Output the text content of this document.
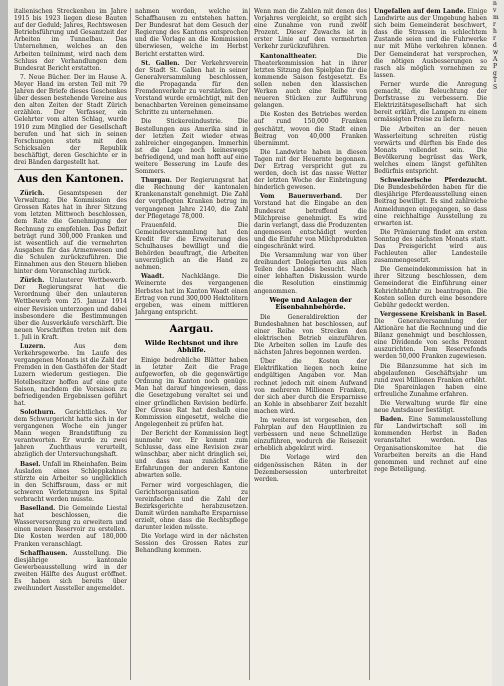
italienischen Streckenbau im Jahre 1915 bis 1923 liegen diese Bauten auf der Geduld; Jahres, Rechtswesen Betriebsführung und Gesamtzeit der Arbeiten im Tunnelbau. Das Unternehmen, welches an den Arbeiten teilnimmt, wird nach dem Schluss der Verhandlungen dem Bundesrat Bericht erstatten.

7. Neue Bücher. Der im Hause A. Meyer Hand im ersten Teil mit 79 Jahren der Briefe dieses Geschenkes über dessen bestehende Vereine aus den alten Zeiten der Stadt Zürich erzählen. Der Verfasser, ein Gelehrter vom alten Schlag, wurde 1910 zum Mitglied der Gesellschaft berufen und hat sich in seinen Forschungen stets mit den Schicksalen der Republik beschäftigt, deren Geschichte er in drei Bänden dargestellt hat.

Aus den Kantonen.

Zürich. Gesamtspesen der Verwaltung. Die Kommission des Grossen Rates hat in ihrer Sitzung vom letzten Mittwoch beschlossen, dem Rate die Genehmigung der Rechnung zu empfehlen. Das Defizit beträgt rund 300,000 Franken und ist wesentlich auf die vermehrten Ausgaben für das Armenwesen und die Schulen zurückzuführen. Die Einnahmen aus den Steuern blieben hinter dem Voranschlag zurück.

Zürich. Unlauterer Wettbewerb. Der Regierungsrat hat die Verordnung über den unlauteren Wettbewerb vom 25. Januar 1914 einer Revision unterzogen und dabei insbesondere die Bestimmungen über die Ausverkäufe verschärft. Die neuen Vorschriften treten mit dem 1. Juli in Kraft.

Luzern.	Aus dem Verkehrsgewerbe. Im Laufe des vergangenen Monats ist die Zahl der Fremden in den Gasthöfen der Stadt Luzern wiederum gestiegen. Die Hotelbesitzer hoffen auf eine gute Saison, nachdem die Vorsaison zu befriedigenden Ergebnissen geführt hat.

Solothurn. Gerichtliches. Vor dem Schwurgericht hatte sich in der vergangenen Woche ein junger Mann wegen Brandstiftung zu verantworten. Er wurde zu zwei Jahren Zuchthaus verurteilt, abzüglich der Untersuchungshaft.

Basel. Unfall im Rheinhafen. Beim Ausladen eines Schleppkahnes stürzte ein Arbeiter so unglücklich in den Schiffsraum, dass er mit schweren Verletzungen ins Spital verbracht werden musste.

Baselland. Die Gemeinde Liestal hat beschlossen, die Wasserversorgung zu erweitern und einen neuen Reservoir zu erstellen. Die Kosten werden auf 180,000 Franken veranschlagt.

Schaffhausen. Ausstellung. Die diesjährige kantonale Gewerbeausstellung wird in der zweiten Hälfte des August eröffnet. Es haben sich bereits über zweihundert Aussteller angemeldet.

nahmen worden, welche in Schaffhausen zu entstehen hatten. Der Bundesrat hat dem Gesuch der Regierung des Kantons entsprochen und die Vorlage an die Kommission überwiesen, welche im Herbst Bericht erstatten wird.

St. Gallen. Der Verkehrsverein der Stadt St. Gallen hat in seiner Generalversammlung beschlossen, die Propaganda für den Fremdenverkehr zu verstärken. Der Vorstand wurde ermächtigt, mit den benachbarten Vereinen gemeinsame Schritte zu unternehmen.

Die Stickereiindustrie. Die Bestellungen aus Amerika sind in der letzten Zeit wieder etwas zahlreicher eingegangen. Immerhin ist die Lage noch keineswegs befriedigend, und man hofft auf eine weitere Besserung im Laufe des Sommers.

Thurgau. Der Regierungsrat hat die Rechnung der kantonalen Krankenanstalt genehmigt. Die Zahl der verpflegten Kranken betrug im vergangenen Jahre 2140, die Zahl der Pflegetage 78,000.

Frauenfeld. Die Gemeindeversammlung hat den Kredit für die Erweiterung des Schulhauses bewilligt und die Behörden beauftragt, die Arbeiten unverzüglich an die Hand zu nehmen.

Waadt.	Nachklänge. Die Weinernte des vergangenen Herbstes hat im Kanton Waadt einen Ertrag von rund 300,000 Hektolitern ergeben, was einem mittleren Jahrgang entspricht.

Aargau.
Wilde Rechtsnot und ihre Abhilfe.

Einige bedrohliche Blätter haben in letzter Zeit die Frage aufgeworfen, ob die gegenwärtige Ordnung im Kanton noch genüge. Man hat darauf hingewiesen, dass die Gesetzgebung veraltet sei und einer gründlichen Revision bedürfe. Der Grosse Rat hat deshalb eine Kommission eingesetzt, welche die Angelegenheit zu prüfen hat.

Der Bericht der Kommission liegt nunmehr vor. Er kommt zum Schlusse, dass eine Revision zwar wünschbar, aber nicht dringlich sei, und dass man zunächst die Erfahrungen der anderen Kantone abwarten solle.

Ferner wird vorgeschlagen, die Gerichtsorganisation zu vereinfachen und die Zahl der Bezirksgerichte herabzusetzen. Damit würden namhafte Ersparnisse erzielt, ohne dass die Rechtspflege darunter leiden müsste.

Die Vorlage wird in der nächsten Session des Grossen Rates zur Behandlung kommen.

Wenn man die Zahlen mit denen des Vorjahres vergleicht, so ergibt sich eine Zunahme von rund zwölf Prozent. Dieser Zuwachs ist in erster Linie auf den vermehrten Verkehr zurückzuführen.

Kantonaltheater.	Die Theaterkommission hat in ihrer letzten Sitzung den Spielplan für die kommende Saison festgesetzt. Es sollen neben den klassischen Werken auch eine Reihe von neueren Stücken zur Aufführung gelangen.

Die Kosten des Betriebes werden auf rund 150,000 Franken geschätzt, wovon die Stadt einen Beitrag von 40,000 Franken übernimmt.

Die Landwirte haben in diesen Tagen mit der Heuernte begonnen. Der Ertrag verspricht gut zu werden, doch ist das nasse Wetter der letzten Woche der Einbringung hinderlich gewesen.

Vom Bauernverband. Der Vorstand hat die Eingabe an den Bundesrat betreffend die Milchpreise genehmigt. Es wird darin verlangt, dass die Produzenten angemessen entschädigt werden und die Einfuhr von Milchprodukten eingeschränkt wird.

Die Versammlung war von über dreihundert Delegierten aus allen Teilen des Landes besucht. Nach einer lebhaften Diskussion wurde die Resolution einstimmig angenommen.

Wege und Anlagen der Eisenbahnbehörde.

Die Generaldirektion der Bundesbahnen hat beschlossen, auf einer Reihe von Strecken den elektrischen Betrieb einzuführen. Die Arbeiten sollen im Laufe des nächsten Jahres begonnen werden.

Über die Kosten der Elektrifikation liegen noch keine endgültigen Angaben vor. Man rechnet jedoch mit einem Aufwand von mehreren Millionen Franken, der sich aber durch die Ersparnisse an Kohle in absehbarer Zeit bezahlt machen wird.

Im weiteren ist vorgesehen, den Fahrplan auf den Hauptlinien zu verbessern und neue Schnellzüge einzuführen, wodurch die Reisezeit erheblich abgekürzt wird.

Die Vorlage wird den eidgenössischen Räten in der Dezembersession unterbreitet werden.

Ungefallen auf dem Lande. Einige Landwirte aus der Umgebung haben sich beim Gemeinderat beschwert, dass die Strassen in schlechtem Zustande seien und die Fuhrwerke nur mit Mühe verkehren können. Der Gemeinderat hat versprochen, die nötigen Ausbesserungen so rasch als möglich vornehmen zu lassen.

Ferner wurde die Anregung gemacht, die Beleuchtung der Dorfstrasse zu verbessern. Die Elektrizitätsgesellschaft hat sich bereit erklärt, die Lampen zu einem ermässigten Preise zu liefern.

Die Arbeiten an der neuen Wasserleitung schreiten rüstig vorwärts und dürften bis Ende des Monats vollendet sein. Die Bevölkerung begrüsst das Werk, welches einem längst gefühlten Bedürfnis entspricht.

Schweizerische Pferdezucht. Die Bundesbehörden haben für die diesjährige Pferdeausstellung einen Beitrag bewilligt. Es sind zahlreiche Anmeldungen eingegangen, so dass eine reichhaltige Ausstellung zu erwarten ist.

Die Prämierung findet am ersten Sonntag des nächsten Monats statt. Das Preisgericht wird aus Fachleuten aller Landesteile zusammengesetzt.

Die Gemeindekommission hat in ihrer Sitzung beschlossen, dem Gemeinderat die Einführung einer Kehrichtabfuhr zu beantragen. Die Kosten sollen durch eine besondere Gebühr gedeckt werden.

Vergessene Kreisbank in Basel. Die Generalversammlung der Aktionäre hat die Rechnung und die Bilanz genehmigt und beschlossen, eine Dividende von sechs Prozent auszurichten. Dem Reservefonds werden 50,000 Franken zugewiesen.

Die Bilanzsumme hat sich im abgelaufenen Geschäftsjahr um rund zwei Millionen Franken erhöht. Die Spareinlagen haben eine erfreuliche Zunahme erfahren.

Die Verwaltung wurde für eine neue Amtsdauer bestätigt.

Baden. Eine Sammelausstellung für Landwirtschaft soll im kommenden Herbst in Baden veranstaltet werden. Das Organisationskomitee hat die Vorarbeiten bereits an die Hand genommen und rechnet auf eine rege Beteiligung.

n
v
m
r
h
r
d
w
A
P
g
T
S
